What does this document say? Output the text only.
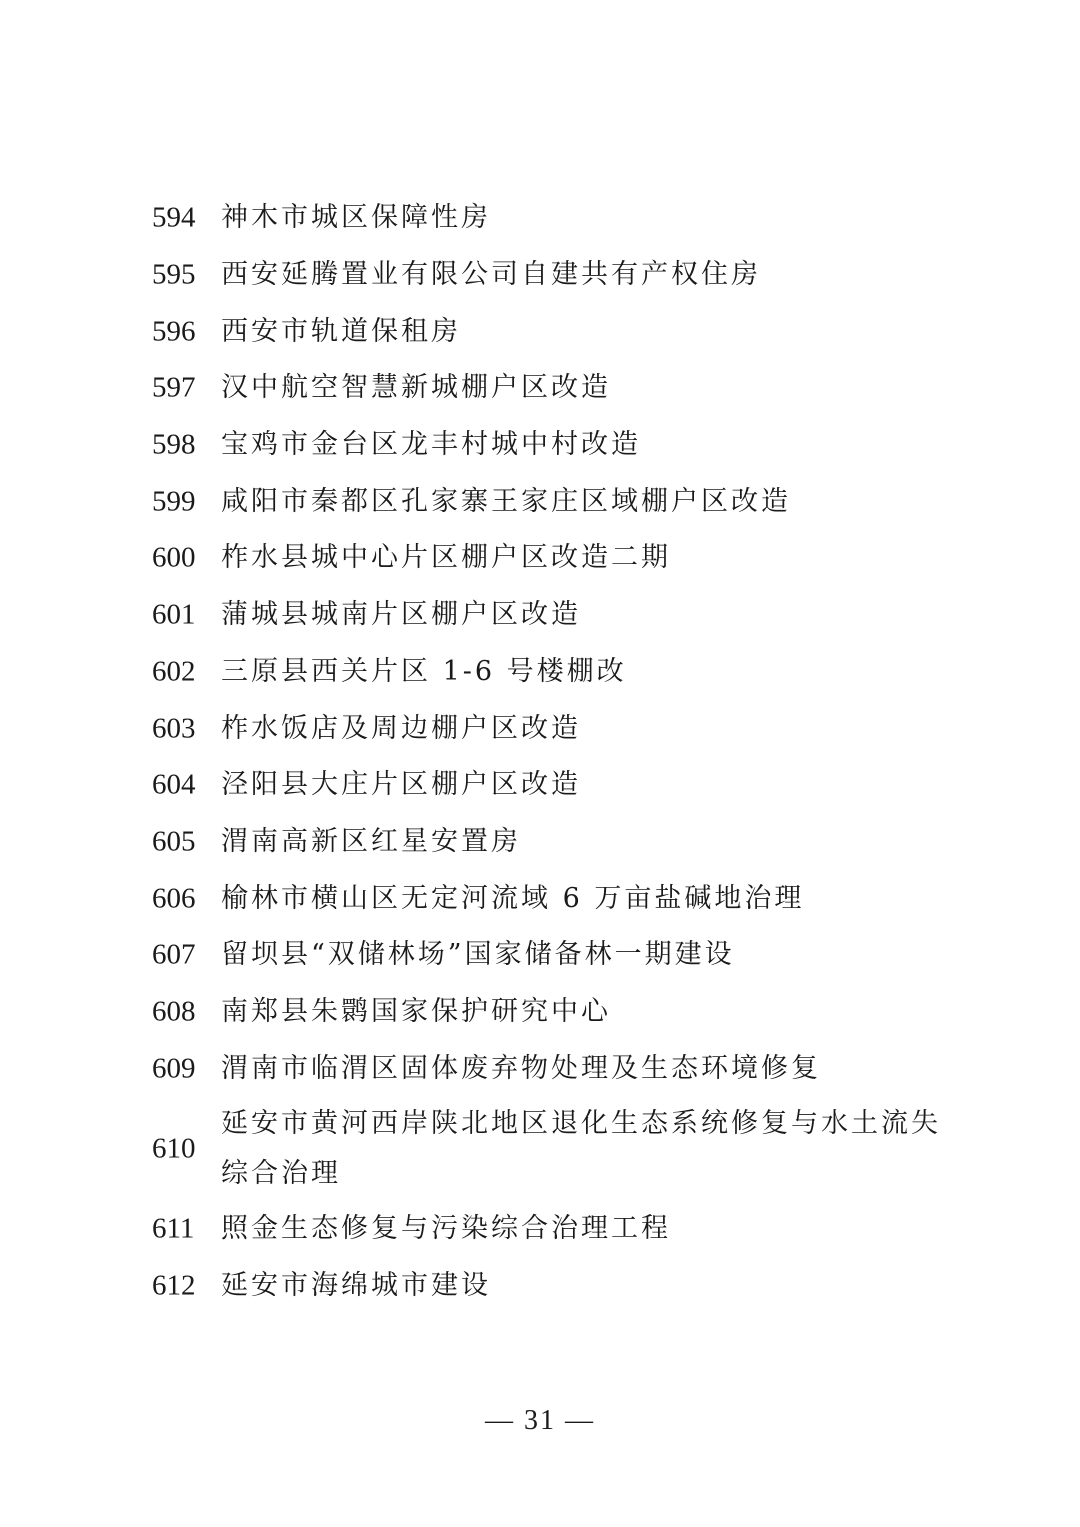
594 神木市城区保障性房
595 西安延腾置业有限公司自建共有产权住房
596 西安市轨道保租房
597 汉中航空智慧新城棚户区改造
598 宝鸡市金台区龙丰村城中村改造
599 咸阳市秦都区孔家寨王家庄区域棚户区改造
600 柞水县城中心片区棚户区改造二期
601 蒲城县城南片区棚户区改造
602 三原县西关片区 1-6 号楼棚改
603 柞水饭店及周边棚户区改造
604 泾阳县大庄片区棚户区改造
605 渭南高新区红星安置房
606 榆林市横山区无定河流域 6 万亩盐碱地治理
607 留坝县“双储林场”国家储备林一期建设
608 南郑县朱鹮国家保护研究中心
609 渭南市临渭区固体废弃物处理及生态环境修复
610
延安市黄河西岸陕北地区退化生态系统修复与水土流失综合治理
611 照金生态修复与污染综合治理工程
612 延安市海绵城市建设
— 31 —
